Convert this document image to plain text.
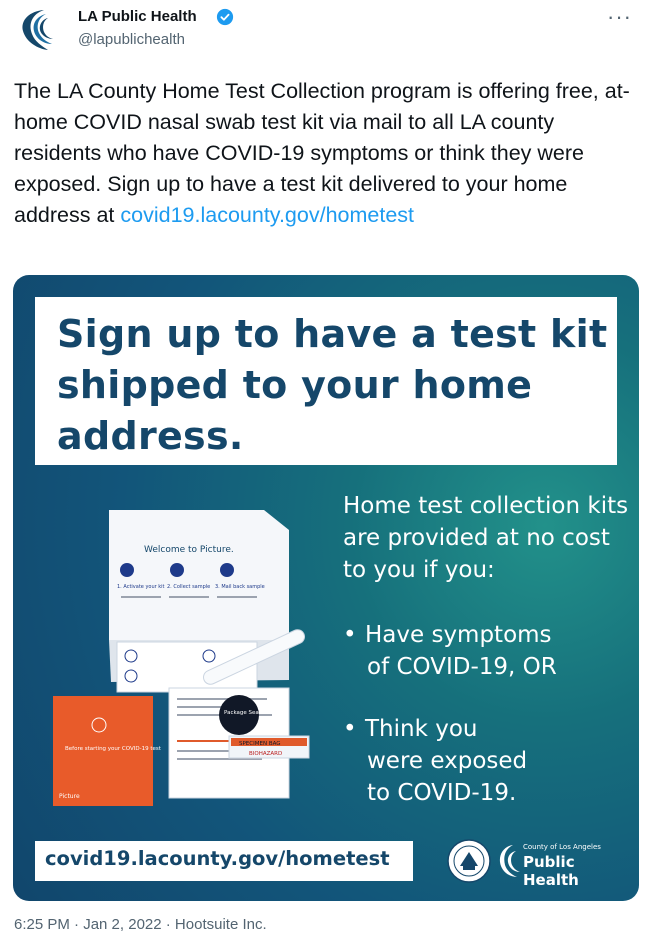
LA Public Health
@lapublichealth
···
The LA County Home Test Collection program is offering free, at-home COVID nasal swab test kit via mail to all LA county residents who have COVID-19 symptoms or think they were exposed. Sign up to have a test kit delivered to your home address at covid19.lacounty.gov/hometest
Sign up to have a test kit shipped to your home address.
Welcome to Picture.
1. Activate your kit 2. Collect sample 3. Mail back sample
Package Seal
SPECIMEN BAG
BIOHAZARD
Before starting your COVID-19 test
Picture
Home test collection kits are provided at no cost to you if you:
• Have symptoms
of COVID-19, OR
• Think you
were exposed
to COVID-19.
covid19.lacounty.gov/hometest	County of Los Angeles
Public Health
6:25 PM · Jan 2, 2022 · Hootsuite Inc.
